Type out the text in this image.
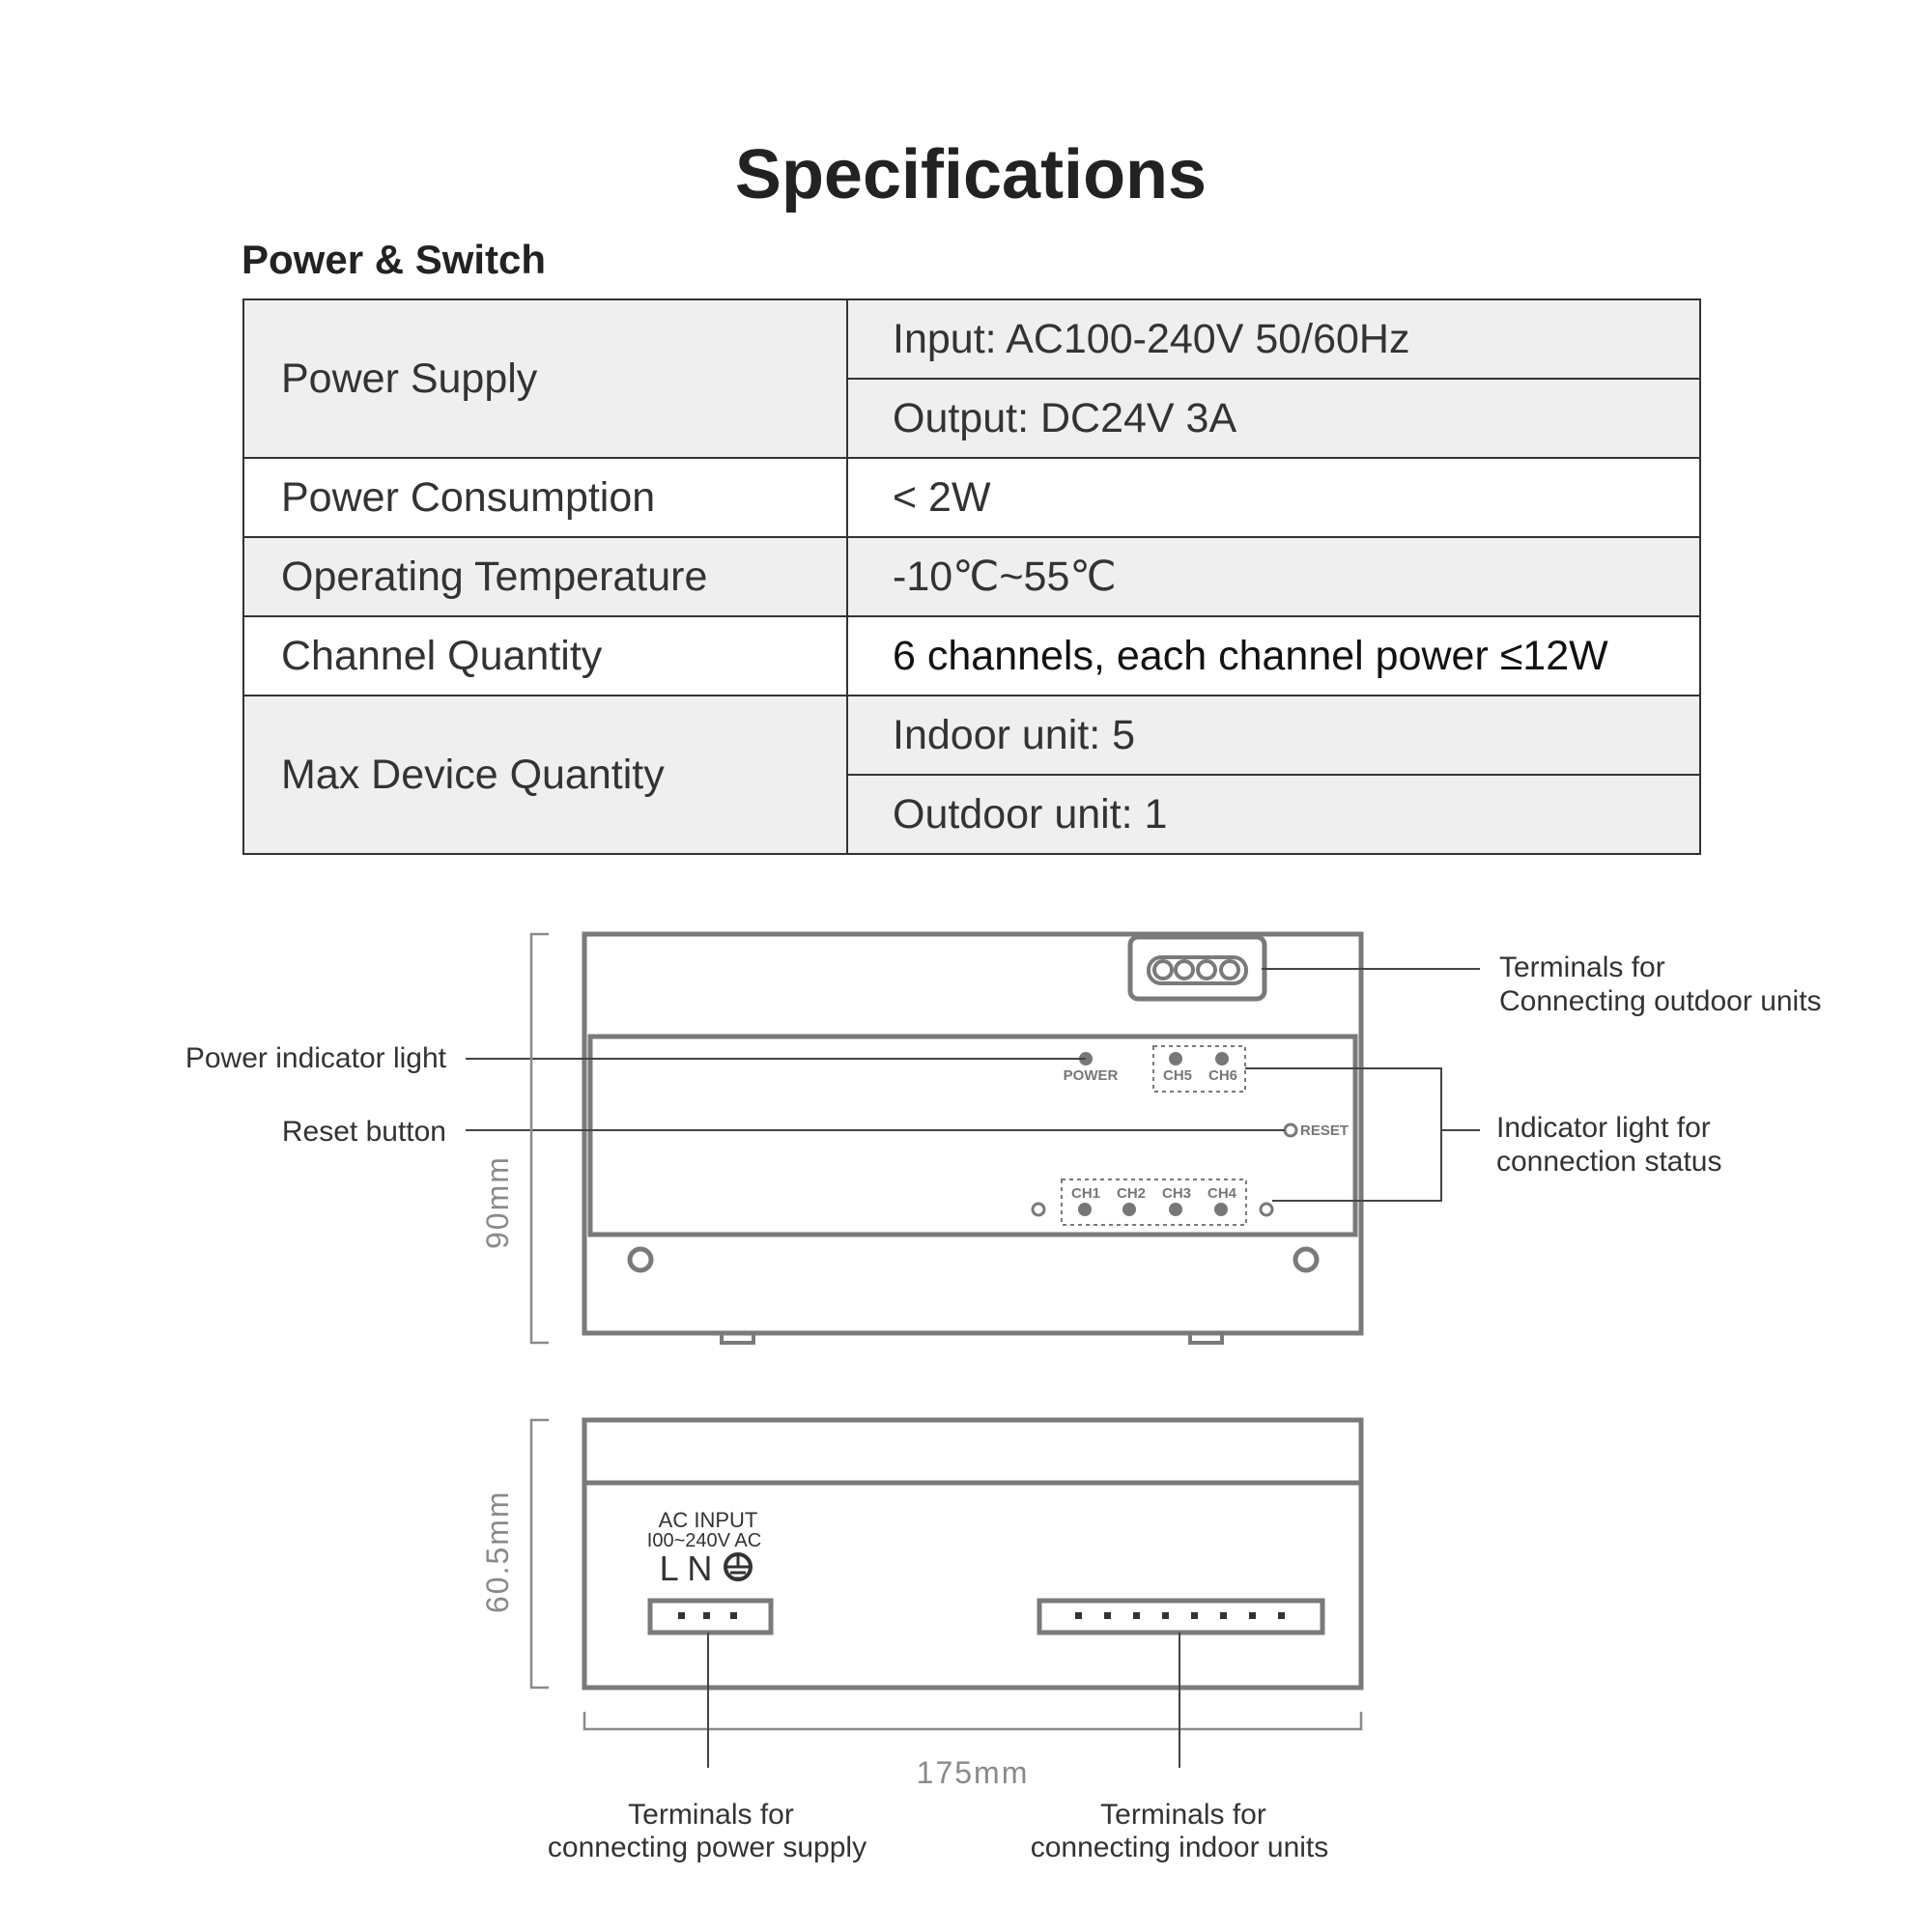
Specifications
Power & Switch
Power Supply	Input: AC100-240V 50/60Hz
	Output: DC24V 3A
Power Consumption	< 2W
Operating Temperature	-10℃~55℃
Channel Quantity	6 channels, each channel power ≤12W
Max Device Quantity	Indoor unit: 5
	Outdoor unit: 1
POWER	CH5 CH6
RESET
CH1 CH2 CH3 CH4
Terminals for
Connecting outdoor units
Power indicator light
Reset button	Indicator light for
connection status
90mm
AC INPUT
I00~240V AC
L N
60.5mm
175mm
Terminals for
connecting power supply
Terminals for
connecting indoor units
